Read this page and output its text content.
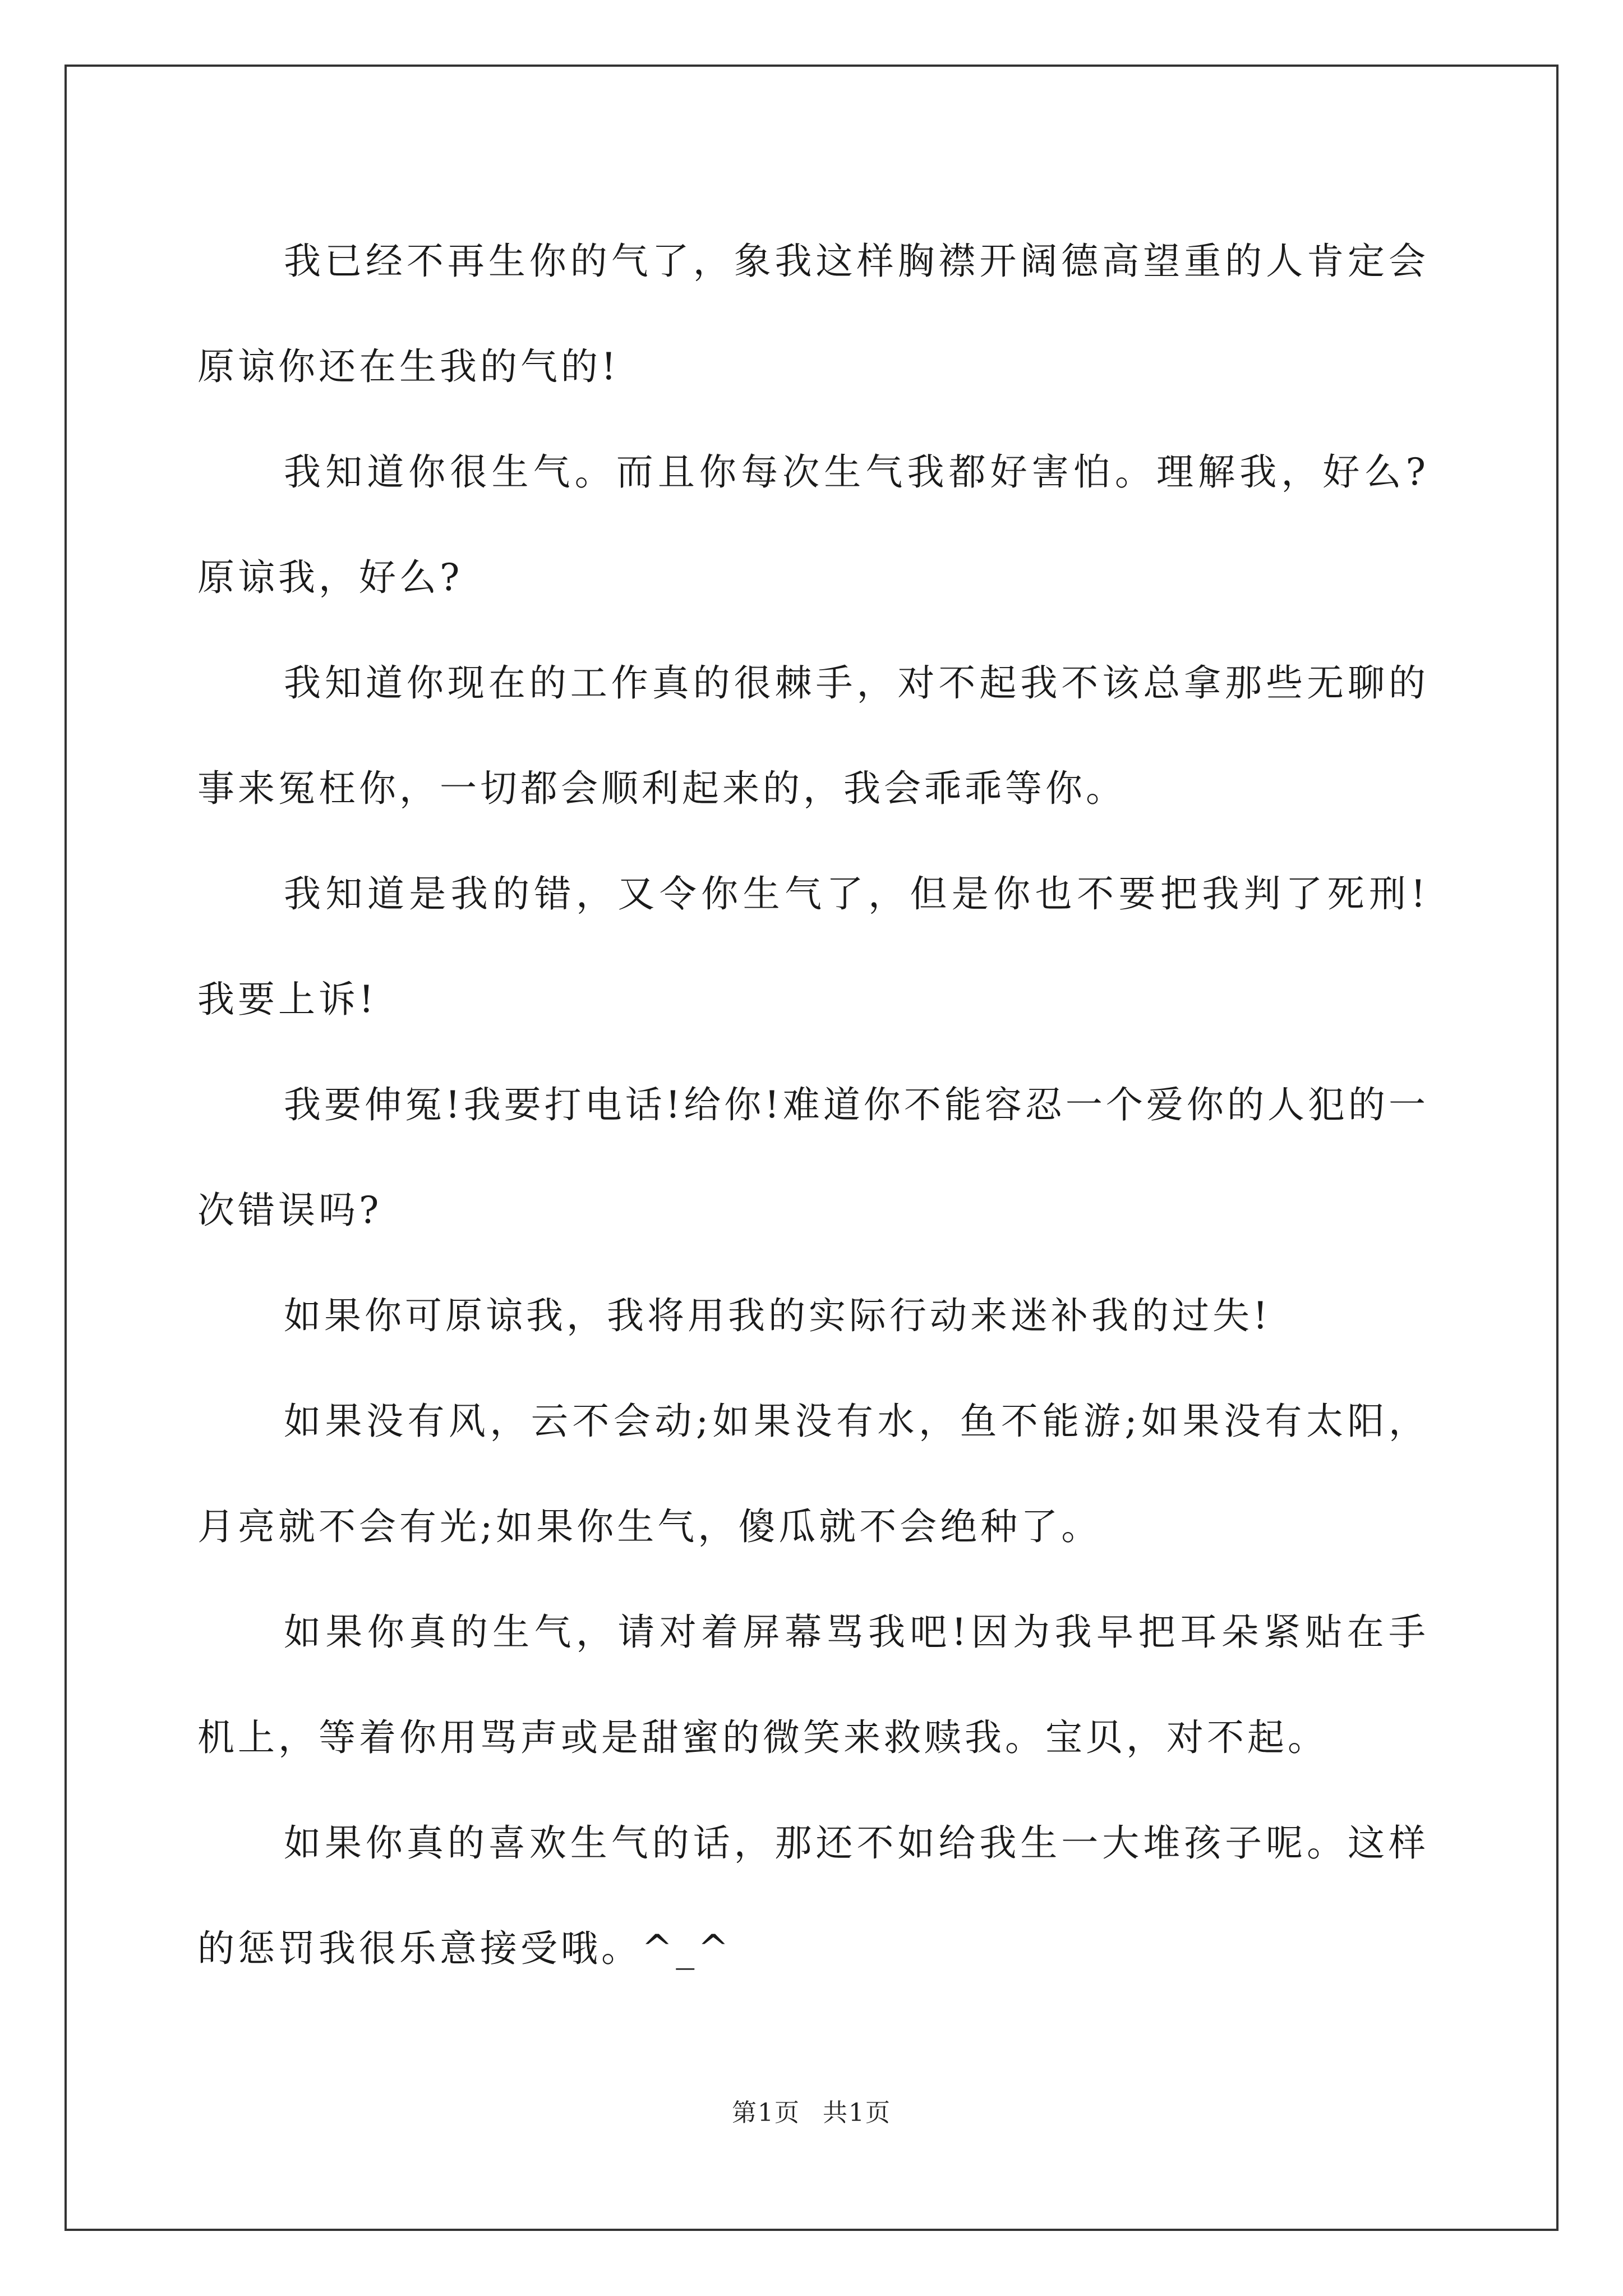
我已经不再生你的气了，象我这样胸襟开阔德高望重的人肯定会原谅你还在生我的气的!

我知道你很生气。而且你每次生气我都好害怕。理解我，好么?原谅我，好么?

我知道你现在的工作真的很棘手，对不起我不该总拿那些无聊的事来冤枉你，一切都会顺利起来的，我会乖乖等你。

我知道是我的错，又令你生气了，但是你也不要把我判了死刑!我要上诉!

我要伸冤!我要打电话!给你!难道你不能容忍一个爱你的人犯的一次错误吗?

如果你可原谅我，我将用我的实际行动来迷补我的过失!

如果没有风，云不会动;如果没有水，鱼不能游;如果没有太阳，月亮就不会有光;如果你生气，傻瓜就不会绝种了。

如果你真的生气，请对着屏幕骂我吧!因为我早把耳朵紧贴在手机上，等着你用骂声或是甜蜜的微笑来救赎我。宝贝，对不起。

如果你真的喜欢生气的话，那还不如给我生一大堆孩子呢。这样的惩罚我很乐意接受哦。^_^

第1页 共1页
